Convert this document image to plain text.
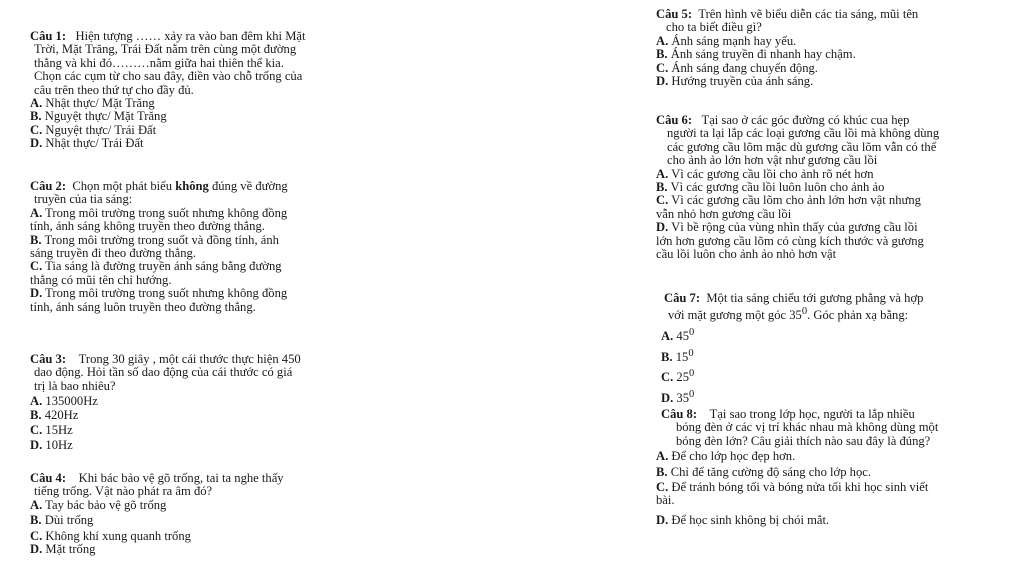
Câu 1: Hiện tượng …… xảy ra vào ban đêm khi Mặt
Trời, Mặt Trăng, Trái Đất nằm trên cùng một đường
thẳng và khi đó………nằm giữa hai thiên thể kia.
Chọn các cụm từ cho sau đây, điền vào chỗ trống của
câu trên theo thứ tự cho đầy đủ.
A. Nhật thực/ Mặt Trăng
B. Nguyệt thực/ Mặt Trăng
C. Nguyệt thực/ Trái Đất
D. Nhật thực/ Trái Đất
Câu 2: Chọn một phát biểu không đúng về đường
truyền của tia sáng:
A. Trong môi trường trong suốt nhưng không đồng
tính, ánh sáng không truyền theo đường thẳng.
B. Trong môi trường trong suốt và đồng tính, ánh
sáng truyền đi theo đường thẳng.
C. Tia sáng là đường truyền ánh sáng bằng đường
thẳng có mũi tên chỉ hướng.
D. Trong môi trường trong suốt nhưng không đồng
tính, ánh sáng luôn truyền theo đường thẳng.
Câu 3: Trong 30 giây , một cái thước thực hiện 450
dao động. Hỏi tần số dao động của cái thước có giá
trị là bao nhiêu?
A. 135000Hz
B. 420Hz
C. 15Hz
D. 10Hz
Câu 4: Khi bác bảo vệ gõ trống, tai ta nghe thấy
tiếng trống. Vật nào phát ra âm đó?
A. Tay bác bảo vệ gõ trống
B. Dùi trống
C. Không khí xung quanh trống
D. Mặt trống
Câu 5: Trên hình vẽ biểu diễn các tia sáng, mũi tên
cho ta biết điều gì?
A. Ánh sáng mạnh hay yếu.
B. Ánh sáng truyền đi nhanh hay chậm.
C. Ánh sáng đang chuyển động.
D. Hướng truyền của ánh sáng.
Câu 6: Tại sao ở các góc đường có khúc cua hẹp
người ta lại lắp các loại gương cầu lồi mà không dùng
các gương cầu lõm mặc dù gương cầu lõm vẫn có thể
cho ảnh ảo lớn hơn vật như gương cầu lồi
A. Vì các gương cầu lồi cho ảnh rõ nét hơn
B. Vì các gương cầu lồi luôn luôn cho ảnh ảo
C. Vì các gương cầu lõm cho ảnh lớn hơn vật nhưng
vẫn nhỏ hơn gương cầu lồi
D. Vì bề rộng của vùng nhìn thấy của gương cầu lồi
lớn hơn gương cầu lõm có cùng kích thước và gương
cầu lồi luôn cho ảnh ảo nhỏ hơn vật
Câu 7: Một tia sáng chiếu tới gương phẳng và hợp
với mặt gương một góc $35^0$. Góc phản xạ bằng:
A. $45^0$
B. $15^0$
C. $25^0$
D. $35^0$
Câu 8: Tại sao trong lớp học, người ta lắp nhiều
bóng đèn ở các vị trí khác nhau mà không dùng một
bóng đèn lớn? Câu giải thích nào sau đây là đúng?
A. Để cho lớp học đẹp hơn.
B. Chỉ để tăng cường độ sáng cho lớp học.
C. Để tránh bóng tối và bóng nửa tối khi học sinh viết
bài.
D. Để học sinh không bị chói mắt.
